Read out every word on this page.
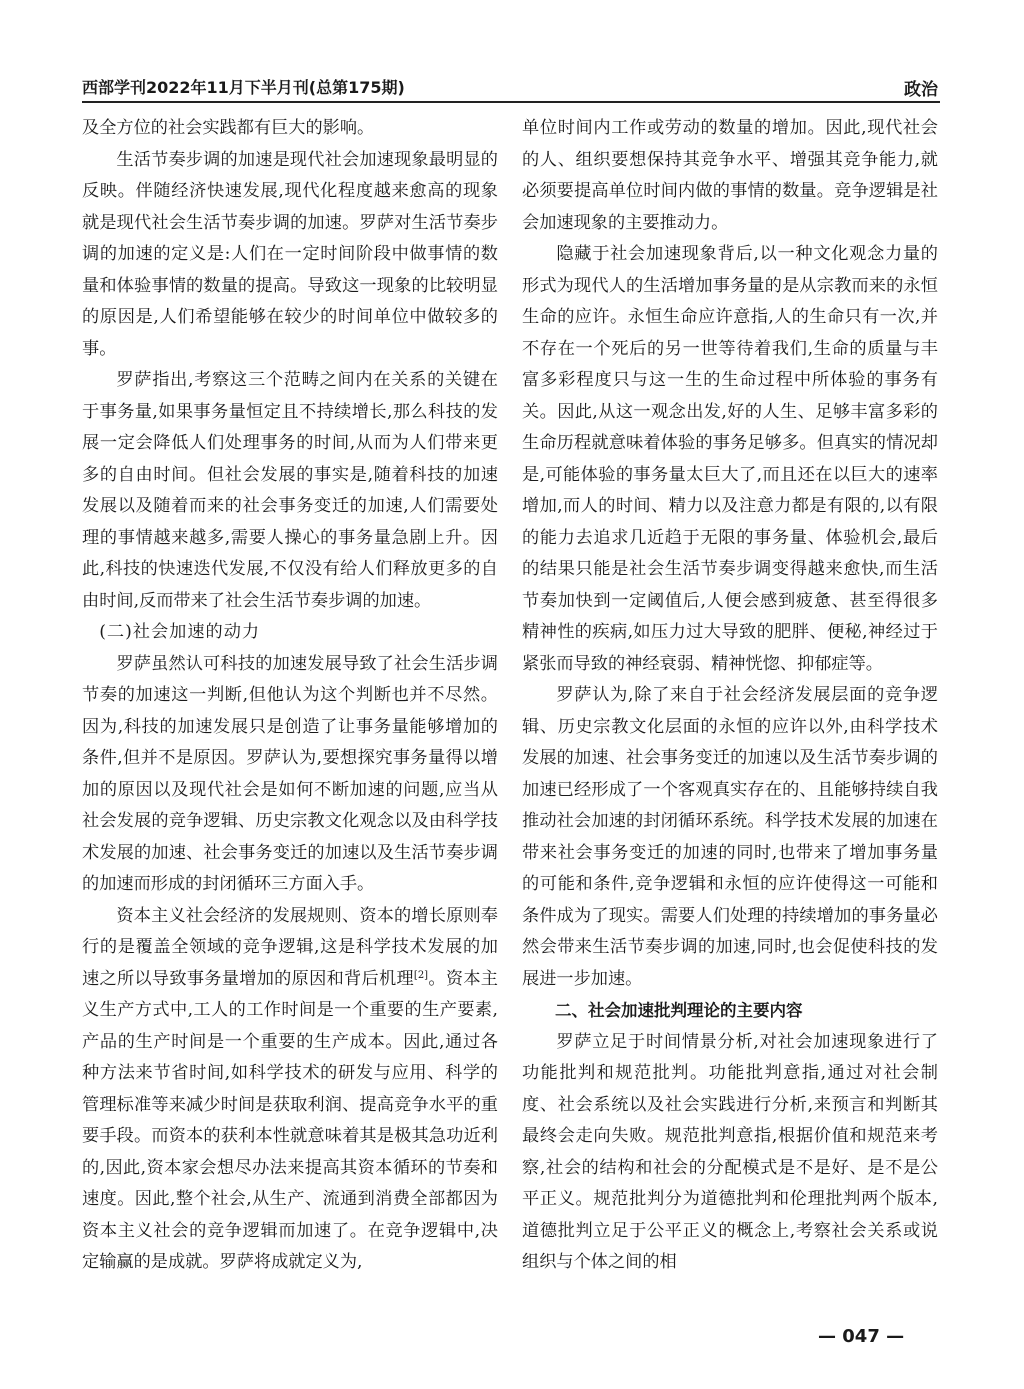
西部学刊2022年11月下半月刊(总第175期)	政治

及全方位的社会实践都有巨大的影响。

生活节奏步调的加速是现代社会加速现象最明显的反映。伴随经济快速发展,现代化程度越来愈高的现象就是现代社会生活节奏步调的加速。罗萨对生活节奏步调的加速的定义是:人们在一定时间阶段中做事情的数量和体验事情的数量的提高。导致这一现象的比较明显的原因是,人们希望能够在较少的时间单位中做较多的事。

罗萨指出,考察这三个范畴之间内在关系的关键在于事务量,如果事务量恒定且不持续增长,那么科技的发展一定会降低人们处理事务的时间,从而为人们带来更多的自由时间。但社会发展的事实是,随着科技的加速发展以及随着而来的社会事务变迁的加速,人们需要处理的事情越来越多,需要人操心的事务量急剧上升。因此,科技的快速迭代发展,不仅没有给人们释放更多的自由时间,反而带来了社会生活节奏步调的加速。

(二)社会加速的动力

罗萨虽然认可科技的加速发展导致了社会生活步调节奏的加速这一判断,但他认为这个判断也并不尽然。因为,科技的加速发展只是创造了让事务量能够增加的条件,但并不是原因。罗萨认为,要想探究事务量得以增加的原因以及现代社会是如何不断加速的问题,应当从社会发展的竞争逻辑、历史宗教文化观念以及由科学技术发展的加速、社会事务变迁的加速以及生活节奏步调的加速而形成的封闭循环三方面入手。

资本主义社会经济的发展规则、资本的增长原则奉行的是覆盖全领域的竞争逻辑,这是科学技术发展的加速之所以导致事务量增加的原因和背后机理[2]。资本主义生产方式中,工人的工作时间是一个重要的生产要素,产品的生产时间是一个重要的生产成本。因此,通过各种方法来节省时间,如科学技术的研发与应用、科学的管理标准等来减少时间是获取利润、提高竞争水平的重要手段。而资本的获利本性就意味着其是极其急功近利的,因此,资本家会想尽办法来提高其资本循环的节奏和速度。因此,整个社会,从生产、流通到消费全部都因为资本主义社会的竞争逻辑而加速了。在竞争逻辑中,决定输赢的是成就。罗萨将成就定义为,

单位时间内工作或劳动的数量的增加。因此,现代社会的人、组织要想保持其竞争水平、增强其竞争能力,就必须要提高单位时间内做的事情的数量。竞争逻辑是社会加速现象的主要推动力。

隐藏于社会加速现象背后,以一种文化观念力量的形式为现代人的生活增加事务量的是从宗教而来的永恒生命的应许。永恒生命应许意指,人的生命只有一次,并不存在一个死后的另一世等待着我们,生命的质量与丰富多彩程度只与这一生的生命过程中所体验的事务有关。因此,从这一观念出发,好的人生、足够丰富多彩的生命历程就意味着体验的事务足够多。但真实的情况却是,可能体验的事务量太巨大了,而且还在以巨大的速率增加,而人的时间、精力以及注意力都是有限的,以有限的能力去追求几近趋于无限的事务量、体验机会,最后的结果只能是社会生活节奏步调变得越来愈快,而生活节奏加快到一定阈值后,人便会感到疲惫、甚至得很多精神性的疾病,如压力过大导致的肥胖、便秘,神经过于紧张而导致的神经衰弱、精神恍惚、抑郁症等。

罗萨认为,除了来自于社会经济发展层面的竞争逻辑、历史宗教文化层面的永恒的应许以外,由科学技术发展的加速、社会事务变迁的加速以及生活节奏步调的加速已经形成了一个客观真实存在的、且能够持续自我推动社会加速的封闭循环系统。科学技术发展的加速在带来社会事务变迁的加速的同时,也带来了增加事务量的可能和条件,竞争逻辑和永恒的应许使得这一可能和条件成为了现实。需要人们处理的持续增加的事务量必然会带来生活节奏步调的加速,同时,也会促使科技的发展进一步加速。

二、社会加速批判理论的主要内容

罗萨立足于时间情景分析,对社会加速现象进行了功能批判和规范批判。功能批判意指,通过对社会制度、社会系统以及社会实践进行分析,来预言和判断其最终会走向失败。规范批判意指,根据价值和规范来考察,社会的结构和社会的分配模式是不是好、是不是公平正义。规范批判分为道德批判和伦理批判两个版本,道德批判立足于公平正义的概念上,考察社会关系或说组织与个体之间的相

— 047 —
